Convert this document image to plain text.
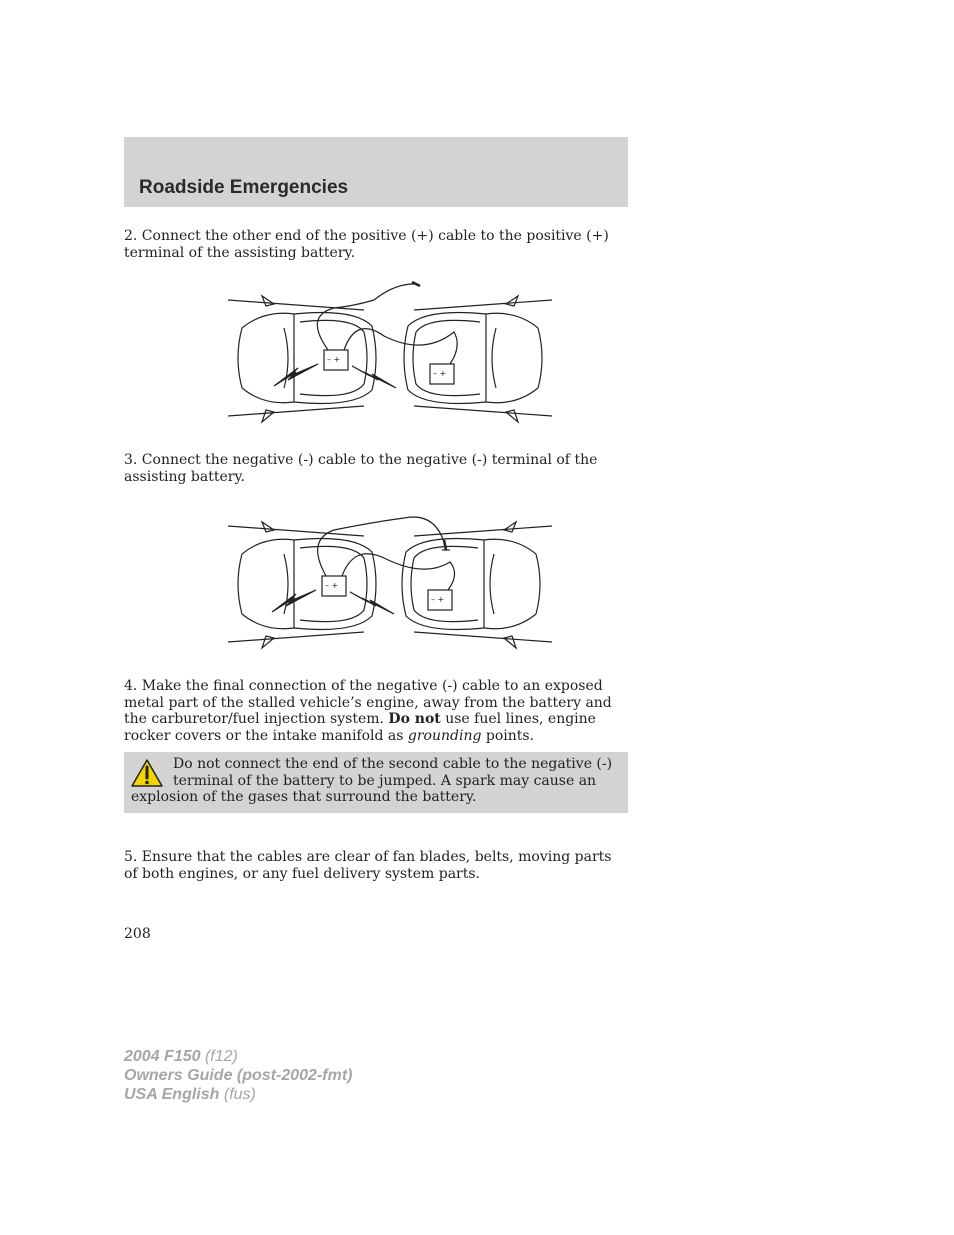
Roadside Emergencies

2. Connect the other end of the positive (+) cable to the positive (+) terminal of the assisting battery.

– +
– +

3. Connect the negative (-) cable to the negative (-) terminal of the assisting battery.

– +
– +

4. Make the final connection of the negative (-) cable to an exposed metal part of the stalled vehicle’s engine, away from the battery and the carburetor/fuel injection system. Do not use fuel lines, engine rocker covers or the intake manifold as grounding points.

Do not connect the end of the second cable to the negative (-) terminal of the battery to be jumped. A spark may cause an explosion of the gases that surround the battery.

5. Ensure that the cables are clear of fan blades, belts, moving parts of both engines, or any fuel delivery system parts.

208

2004 F150 (f12)
Owners Guide (post-2002-fmt)
USA English (fus)
